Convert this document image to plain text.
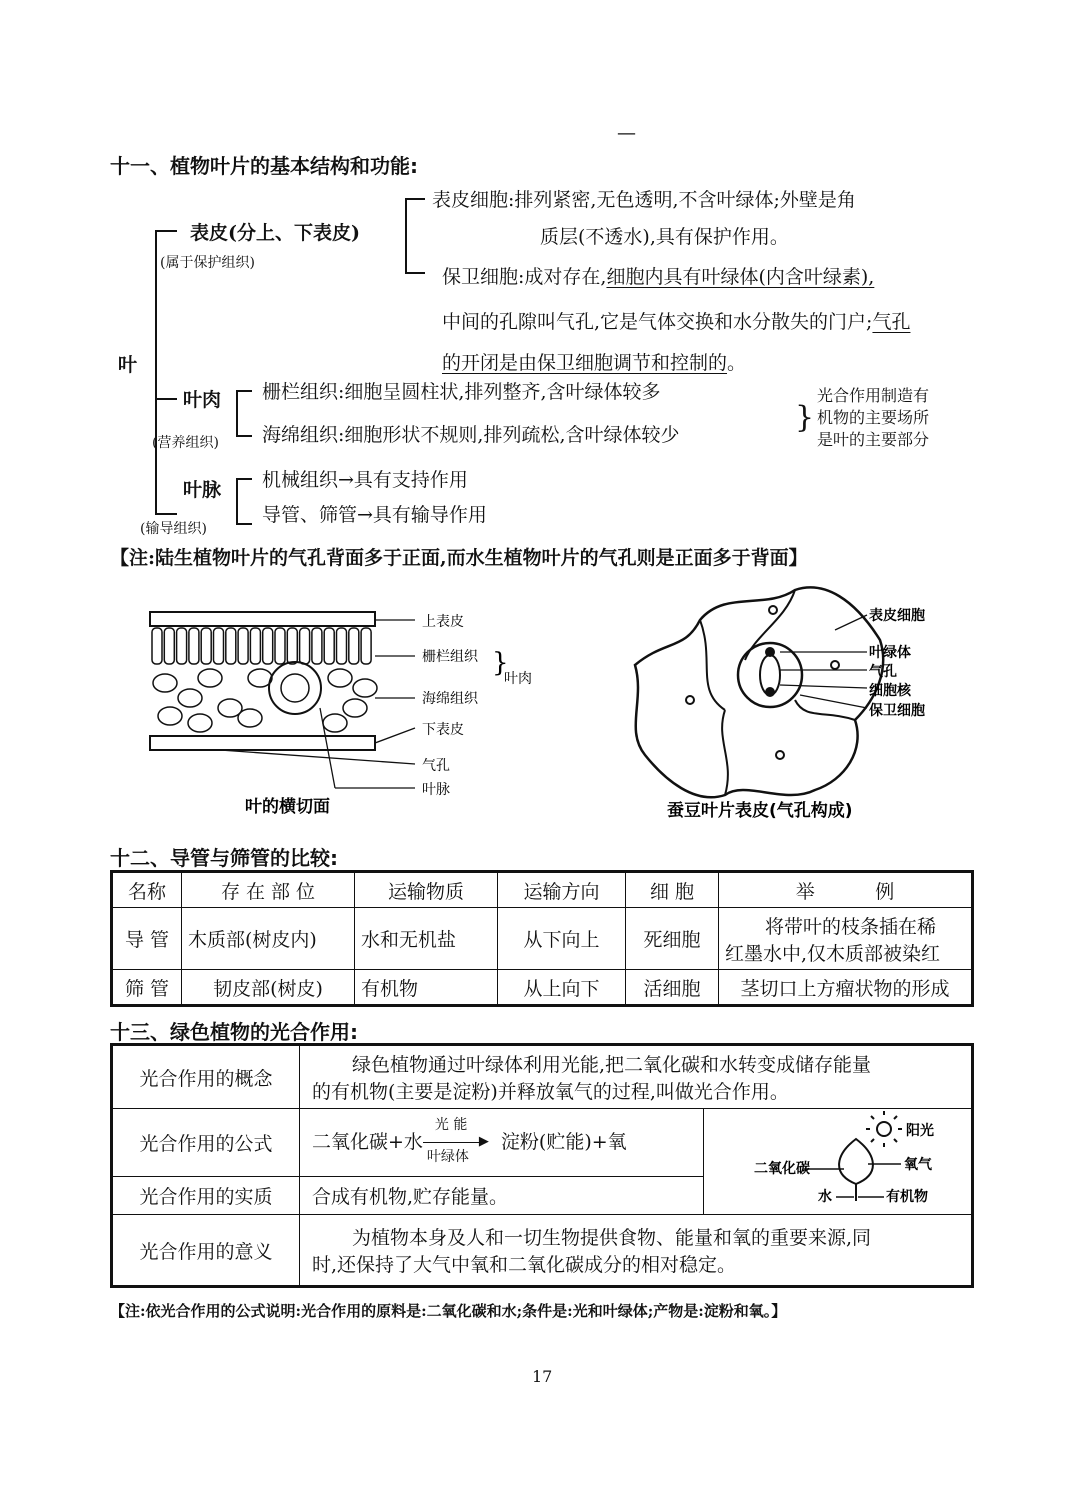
—
十一、植物叶片的基本结构和功能:
叶
表皮(分上、下表皮)
(属于保护组织)
表皮细胞:排列紧密,无色透明,不含叶绿体;外壁是角
质层(不透水),具有保护作用。
保卫细胞:成对存在,细胞内具有叶绿体(内含叶绿素),
中间的孔隙叫气孔,它是气体交换和水分散失的门户;气孔
的开闭是由保卫细胞调节和控制的。
叶肉
(营养组织)
栅栏组织:细胞呈圆柱状,排列整齐,含叶绿体较多
海绵组织:细胞形状不规则,排列疏松,含叶绿体较少	}
光合作用制造有
机物的主要场所
是叶的主要部分
叶脉
(输导组织)
机械组织→具有支持作用
导管、筛管→具有输导作用
【注:陆生植物叶片的气孔背面多于正面,而水生植物叶片的气孔则是正面多于背面】
上表皮
栅栏组织
海绵组织
下表皮
气孔
叶脉
}
叶肉
叶的横切面
表皮细胞
叶绿体
气孔
细胞核
保卫细胞
蚕豆叶片表皮(气孔构成)
十二、导管与筛管的比较:
名称	存 在 部 位	运输物质	运输方向	细 胞	举          例
导 管	木质部(树皮内)	水和无机盐	从下向上	死细胞	将带叶的枝条插在稀
红墨水中,仅木质部被染红

筛 管	韧皮部(树皮)	有机物	从上向下	活细胞	茎切口上方瘤状物的形成
十三、绿色植物的光合作用:
光合作用的概念	绿色植物通过叶绿体利用光能,把二氧化碳和水转变成储存能量
的有机物(主要是淀粉)并释放氧气的过程,叫做光合作用。	

光合作用的公式	二氧化碳+水
光 能
▶
叶绿体
淀粉(贮能)+氧	阳光
二氧化碳 氧气
水 有机物

光合作用的实质	合成有机物,贮存能量。	
光合作用的意义	为植物本身及人和一切生物提供食物、能量和氧的重要来源,同
时,还保持了大气中氧和二氧化碳成分的相对稳定。	
【注:依光合作用的公式说明:光合作用的原料是:二氧化碳和水;条件是:光和叶绿体;产物是:淀粉和氧。】
17
